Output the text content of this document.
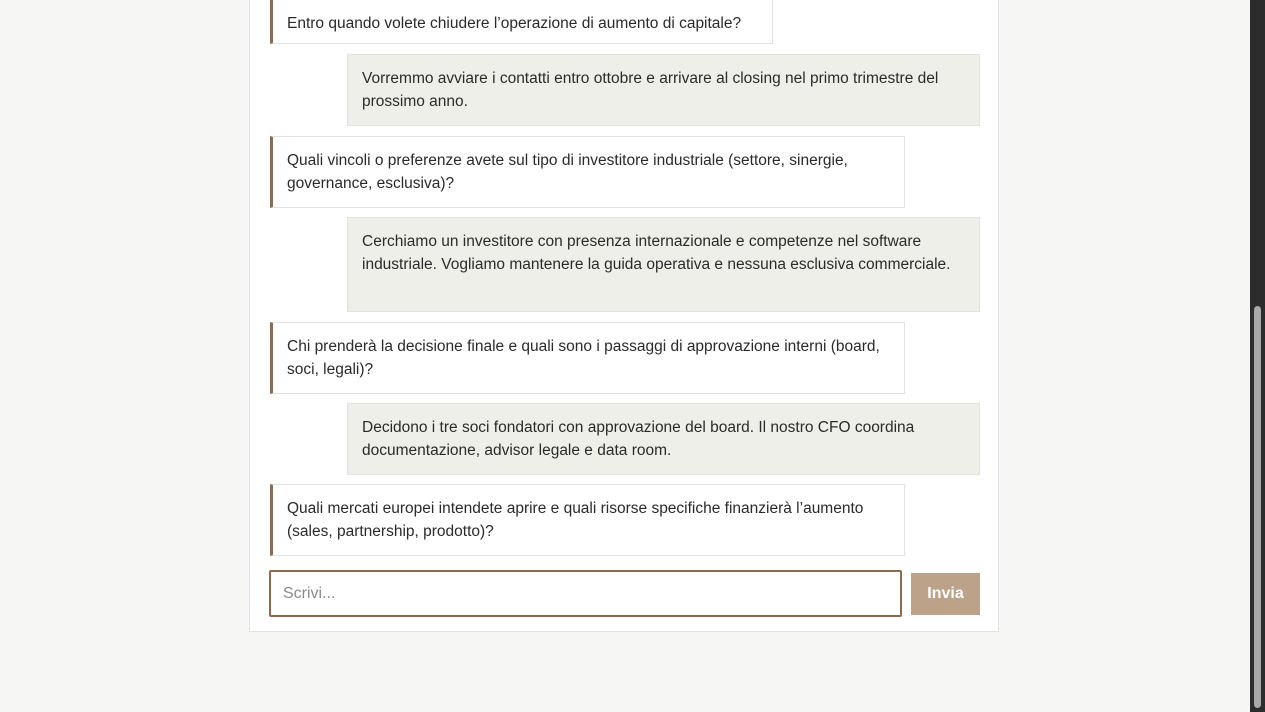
Entro quando volete chiudere l’operazione di aumento di capitale?
Vorremmo avviare i contatti entro ottobre e arrivare al closing nel primo trimestre del prossimo anno.
Quali vincoli o preferenze avete sul tipo di investitore industriale (settore, sinergie, governance, esclusiva)?
Cerchiamo un investitore con presenza internazionale e competenze nel software industriale. Vogliamo mantenere la guida operativa e nessuna esclusiva commerciale.
Chi prenderà la decisione finale e quali sono i passaggi di approvazione interni (board, soci, legali)?
Decidono i tre soci fondatori con approvazione del board. Il nostro CFO coordina documentazione, advisor legale e data room.
Quali mercati europei intendete aprire e quali risorse specifiche finanzierà l’aumento (sales, partnership, prodotto)?
Scrivi...
Invia
